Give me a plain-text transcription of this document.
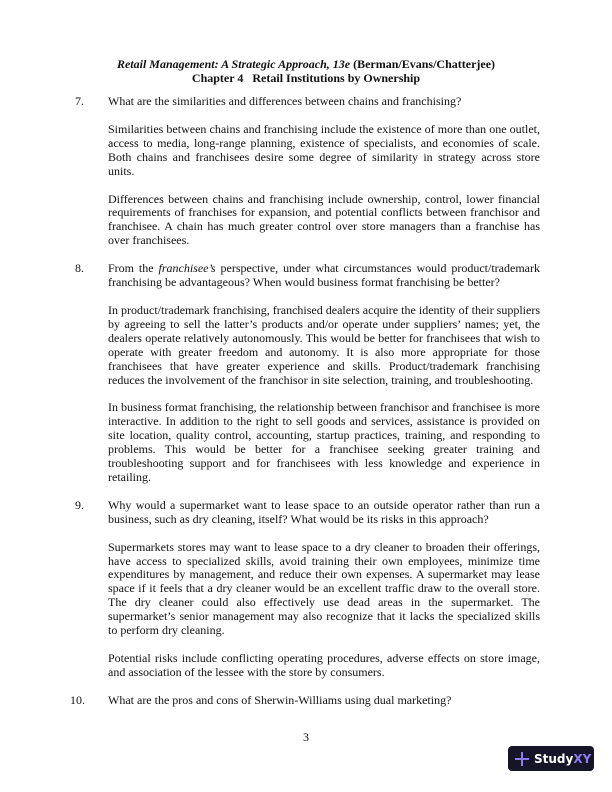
Retail Management: A Strategic Approach, 13e (Berman/Evans/Chatterjee)
Chapter 4   Retail Institutions by Ownership
7.	What are the similarities and differences between chains and franchising?

Similarities between chains and franchising include the existence of more than one outlet, access to media, long-range planning, existence of specialists, and economies of scale. Both chains and franchisees desire some degree of similarity in strategy across store units.

Differences between chains and franchising include ownership, control, lower financial requirements of franchises for expansion, and potential conflicts between franchisor and franchisee. A chain has much greater control over store managers than a franchise has over franchisees.

8.	From the franchisee’s perspective, under what circumstances would product/trademark franchising be advantageous? When would business format franchising be better?

In product/trademark franchising, franchised dealers acquire the identity of their suppliers by agreeing to sell the latter’s products and/or operate under suppliers’ names; yet, the dealers operate relatively autonomously. This would be better for franchisees that wish to operate with greater freedom and autonomy. It is also more appropriate for those franchisees that have greater experience and skills. Product/trademark franchising reduces the involvement of the franchisor in site selection, training, and troubleshooting.

In business format franchising, the relationship between franchisor and franchisee is more interactive. In addition to the right to sell goods and services, assistance is provided on site location, quality control, accounting, startup practices, training, and responding to problems. This would be better for a franchisee seeking greater training and troubleshooting support and for franchisees with less knowledge and experience in retailing.

9.	Why would a supermarket want to lease space to an outside operator rather than run a business, such as dry cleaning, itself? What would be its risks in this approach?

Supermarkets stores may want to lease space to a dry cleaner to broaden their offerings, have access to specialized skills, avoid training their own employees, minimize time expenditures by management, and reduce their own expenses. A supermarket may lease space if it feels that a dry cleaner would be an excellent traffic draw to the overall store. The dry cleaner could also effectively use dead areas in the supermarket. The supermarket’s senior management may also recognize that it lacks the specialized skills to perform dry cleaning.

Potential risks include conflicting operating procedures, adverse effects on store image, and association of the lessee with the store by consumers.

10.	What are the pros and cons of Sherwin-Williams using dual marketing?

3
StudyXY
